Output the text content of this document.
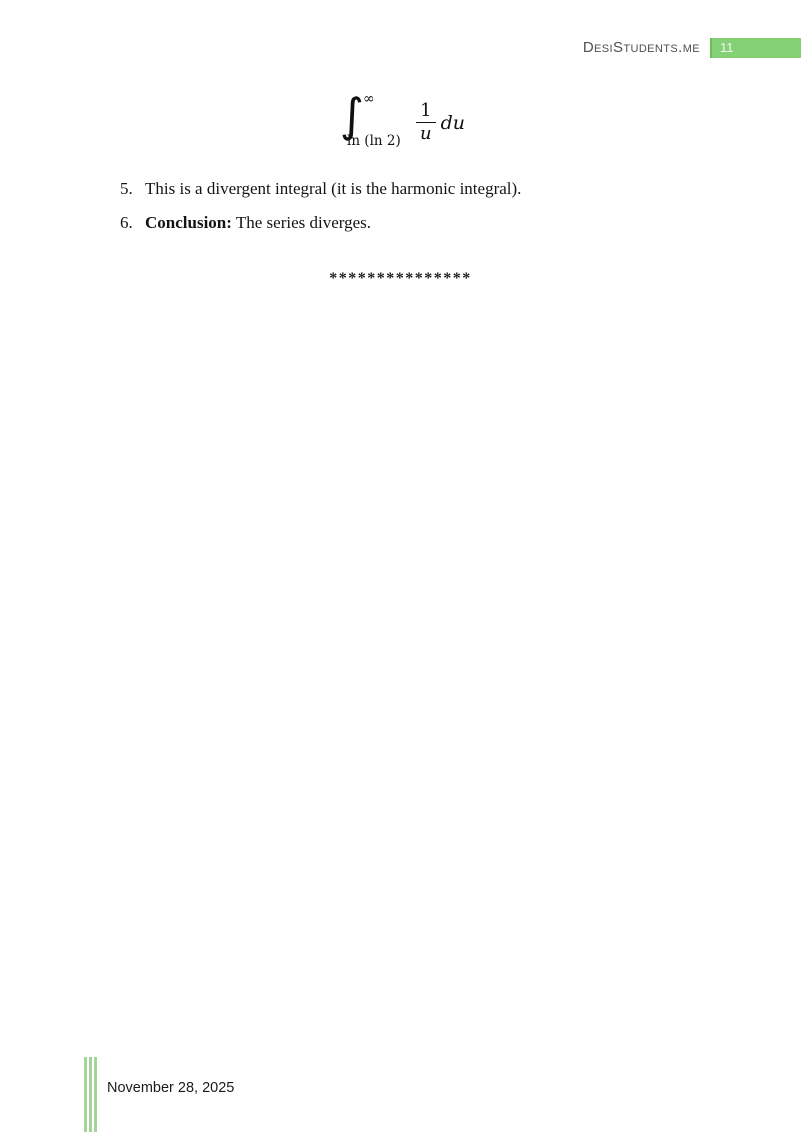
DesiStudents.me	11
∫ ∞
ln (ln $2) \frac{1}{u}$ du
5. This is a divergent integral (it is the harmonic integral).
6. Conclusion: The series diverges.
***************
November 28, 2025
